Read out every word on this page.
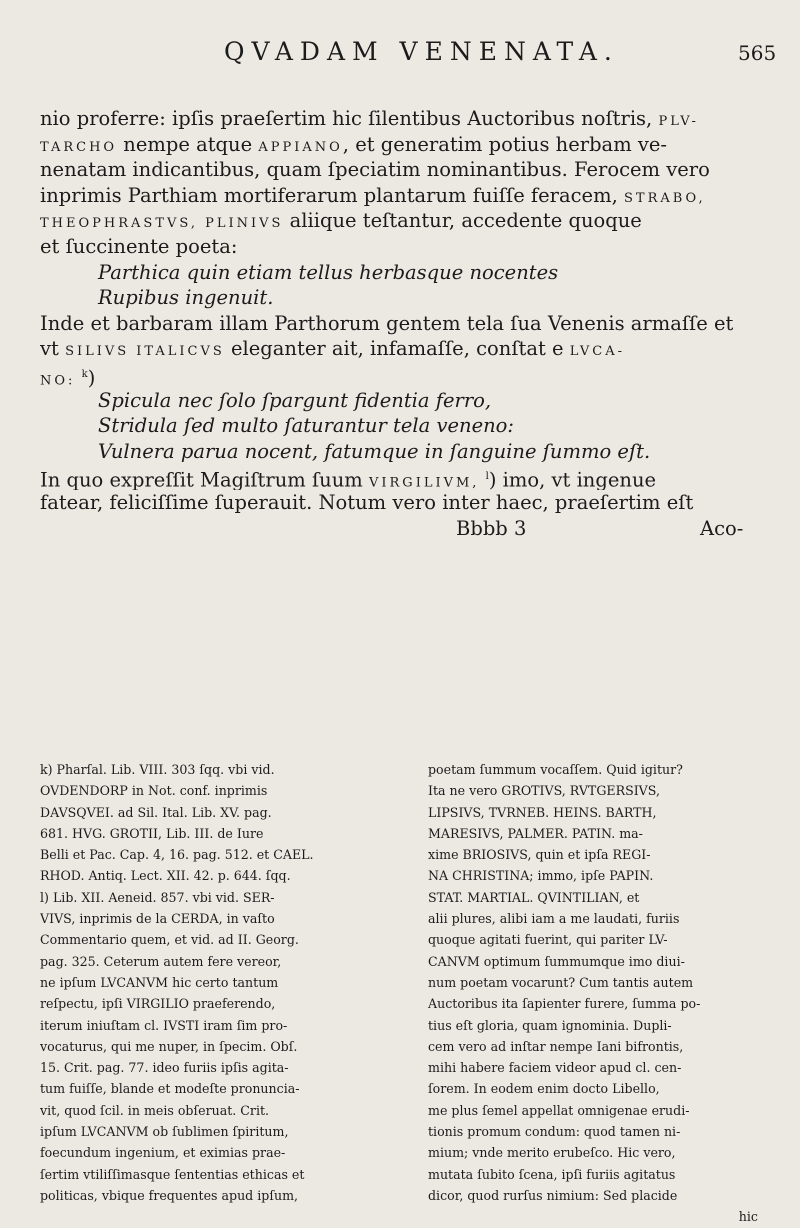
QVADAM VENENATA.	565
nio proferre: ipſis praeſertim hic ſilentibus Auctoribus noſtris, PLV-
TARCHO nempe atque APPIANO, et generatim potius herbam ve-
nenatam indicantibus, quam ſpeciatim nominantibus. Ferocem vero
inprimis Parthiam mortiferarum plantarum fuiſſe feracem, STRABO,
THEOPHRASTVS, PLINIVS aliique teſtantur, accedente quoque
et ſuccinente poeta:
Parthica quin etiam tellus herbasque nocentes
Rupibus ingenuit.
Inde et barbaram illam Parthorum gentem tela ſua Venenis armaſſe et
vt SILIVS ITALICVS eleganter ait, infamaſſe, conſtat e LVCA-
NO: $^k$)
Spicula nec ſolo ſpargunt fidentia ferro,
Stridula ſed multo ſaturantur tela veneno:
Vulnera parua nocent, fatumque in ſanguine ſummo eſt.
In quo expreſſit Magiſtrum ſuum VIRGILIVM, $^l$) imo, vt ingenue
fatear, feliciſſime ſuperauit. Notum vero inter haec, praeſertim eſt
Bbbb 3	Aco-
k) Pharſal. Lib. VIII. 303 ſqq. vbi vid.
OVDENDORP in Not. conf. inprimis
DAVSQVEI. ad Sil. Ital. Lib. XV. pag.
681. HVG. GROTII, Lib. III. de Iure
Belli et Pac. Cap. 4, 16. pag. 512. et CAEL.
RHOD. Antiq. Lect. XII. 42. p. 644. ſqq.
l) Lib. XII. Aeneid. 857. vbi vid. SER-
VIVS, inprimis de la CERDA, in vaſto
Commentario quem, et vid. ad II. Georg.
pag. 325. Ceterum autem fere vereor,
ne ipſum LVCANVM hic certo tantum
reſpectu, ipſi VIRGILIO praeferendo,
iterum iniuſtam cl. IVSTI iram ſim pro-
vocaturus, qui me nuper, in ſpecim. Obſ.
15. Crit. pag. 77. ideo furiis ipſis agita-
tum fuiſſe, blande et modeſte pronuncia-
vit, quod ſcil. in meis obſeruat. Crit.
ipſum LVCANVM ob ſublimen ſpiritum,
foecundum ingenium, et eximias prae-
ſertim vtiliſſimasque ſententias ethicas et
politicas, vbique frequentes apud ipſum,
poetam ſummum vocaſſem. Quid igitur?
Ita ne vero GROTIVS, RVTGERSIVS,
LIPSIVS, TVRNEB. HEINS. BARTH,
MARESIVS, PALMER. PATIN. ma-
xime BRIOSIVS, quin et ipſa REGI-
NA CHRISTINA; immo, ipſe PAPIN.
STAT. MARTIAL. QVINTILIAN, et
alii plures, alibi iam a me laudati, furiis
quoque agitati fuerint, qui pariter LV-
CANVM optimum ſummumque imo diui-
num poetam vocarunt? Cum tantis autem
Auctoribus ita ſapienter furere, ſumma po-
tius eſt gloria, quam ignominia. Dupli-
cem vero ad inſtar nempe Iani bifrontis,
mihi habere faciem videor apud cl. cen-
ſorem. In eodem enim docto Libello,
me plus ſemel appellat omnigenae erudi-
tionis promum condum: quod tamen ni-
mium; vnde merito erubeſco. Hic vero,
mutata ſubito ſcena, ipſi furiis agitatus
dicor, quod rurſus nimium: Sed placide
hic
